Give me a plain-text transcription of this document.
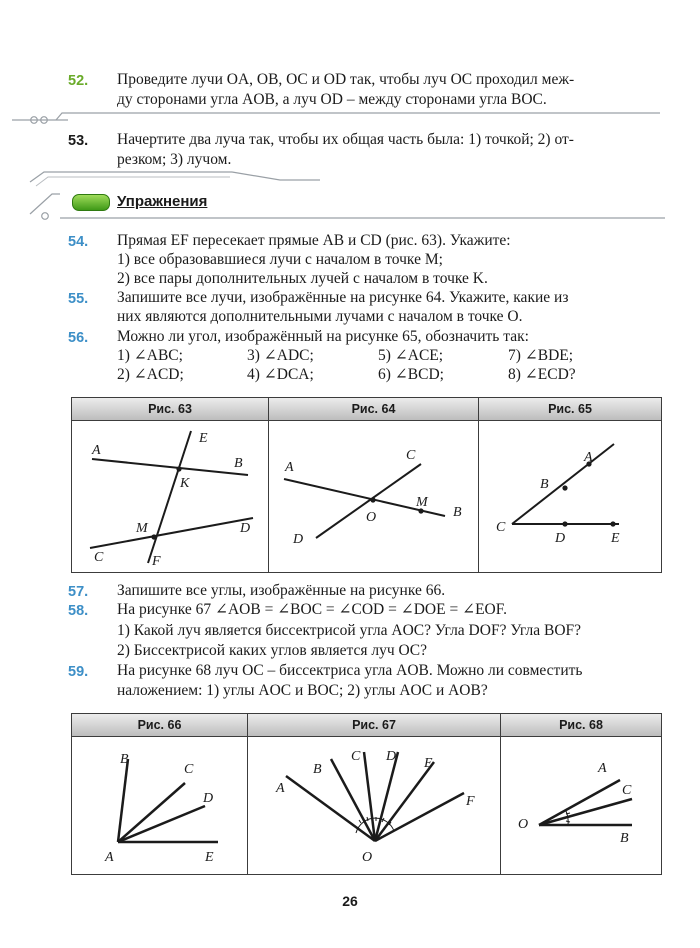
52. Проведите лучи OA, OB, OC и OD так, чтобы луч OC проходил меж-
ду сторонами угла AOB, а луч OD – между сторонами угла BOC.
53. Начертите два луча так, чтобы их общая часть была: 1) точкой; 2) от-
резком; 3) лучом.
Упражнения
54. Прямая EF пересекает прямые AB и CD (рис. 63). Укажите:
1) все образовавшиеся лучи с началом в точке M;
2) все пары дополнительных лучей с началом в точке K.
55. Запишите все лучи, изображённые на рисунке 64. Укажите, какие из
них являются дополнительными лучами с началом в точке O.
56. Можно ли угол, изображённый на рисунке 65, обозначить так:
1) ∠ABC;	3) ∠ADC;	5) ∠ACE;	7) ∠BDE;
2) ∠ACD;	4) ∠DCA;	6) ∠BCD;	8) ∠ECD?
Рис. 63	Рис. 64	Рис. 65
A
B
C
D
E
F
K
M
A
B
C
D
M
O
A
B
C
D	E
57. Запишите все углы, изображённые на рисунке 66.
58. На рисунке 67 ∠AOB = ∠BOC = ∠COD = ∠DOE = ∠EOF.
1) Какой луч является биссектрисой угла AOC? Угла DOF? Угла BOF?
2) Биссектрисой каких углов является луч OC?
59. На рисунке 68 луч OC – биссектриса угла AOB. Можно ли совместить
наложением: 1) углы AOC и BOC; 2) углы AOC и AOB?
Рис. 66	Рис. 67	Рис. 68
B
C
D
A	E
A
B
C D E
F
O
A
C
O
B
26
